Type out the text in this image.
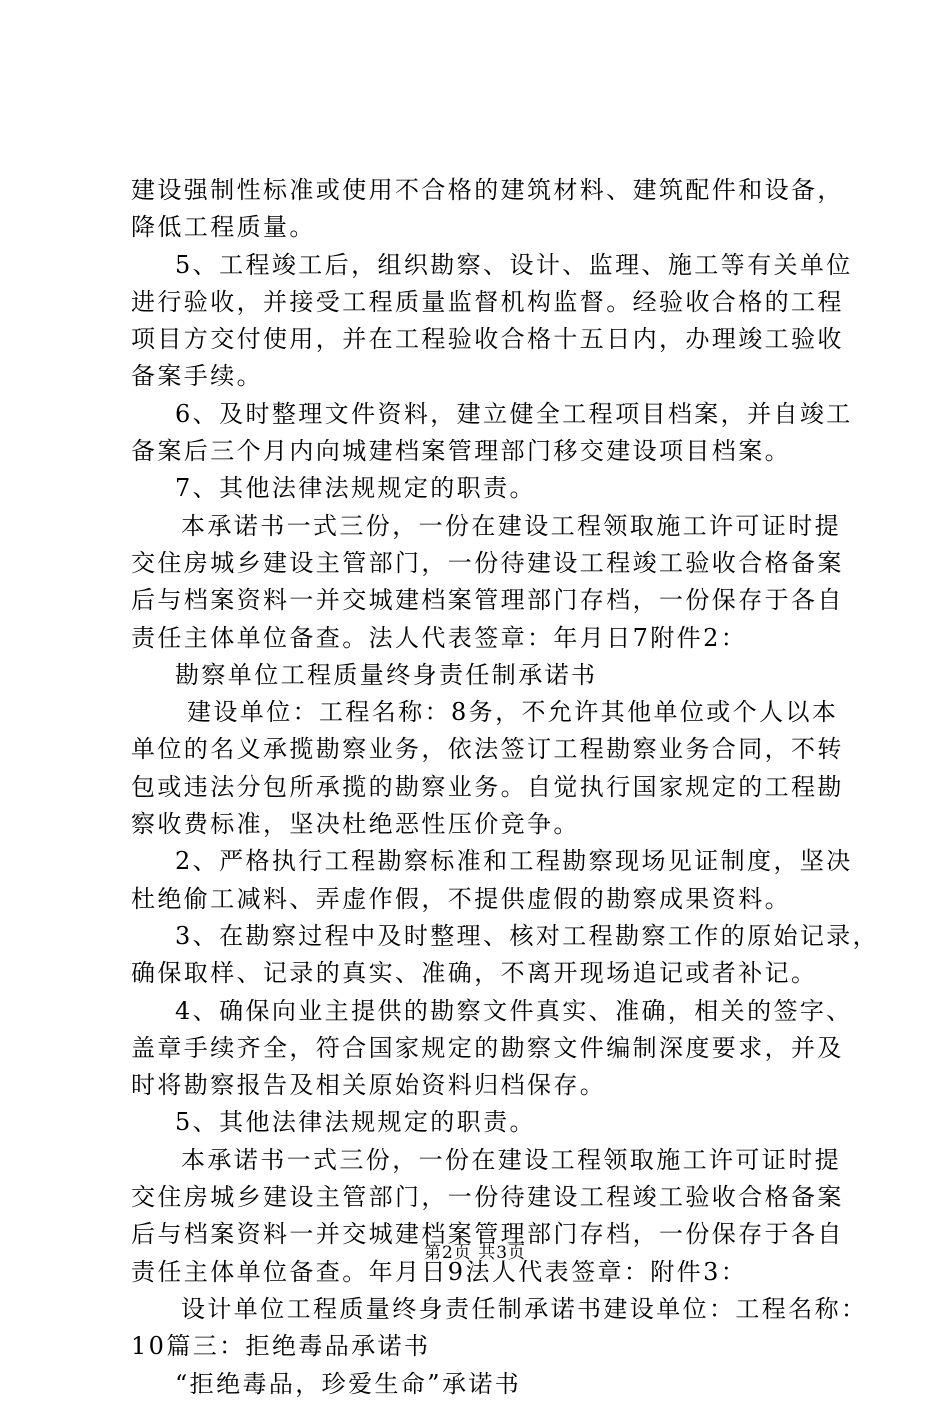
建设强制性标准或使用不合格的建筑材料、建筑配件和设备，
降低工程质量。
5、工程竣工后，组织勘察、设计、监理、施工等有关单位
进行验收，并接受工程质量监督机构监督。经验收合格的工程
项目方交付使用，并在工程验收合格十五日内，办理竣工验收
备案手续。
6、及时整理文件资料，建立健全工程项目档案，并自竣工
备案后三个月内向城建档案管理部门移交建设项目档案。
7、其他法律法规规定的职责。
本承诺书一式三份，一份在建设工程领取施工许可证时提
交住房城乡建设主管部门，一份待建设工程竣工验收合格备案
后与档案资料一并交城建档案管理部门存档，一份保存于各自
责任主体单位备查。法人代表签章：年月日7附件2：
勘察单位工程质量终身责任制承诺书
建设单位：工程名称：8务，不允许其他单位或个人以本
单位的名义承揽勘察业务，依法签订工程勘察业务合同，不转
包或违法分包所承揽的勘察业务。自觉执行国家规定的工程勘
察收费标准，坚决杜绝恶性压价竞争。
2、严格执行工程勘察标准和工程勘察现场见证制度，坚决
杜绝偷工减料、弄虚作假，不提供虚假的勘察成果资料。
3、在勘察过程中及时整理、核对工程勘察工作的原始记录，
确保取样、记录的真实、准确，不离开现场追记或者补记。
4、确保向业主提供的勘察文件真实、准确，相关的签字、
盖章手续齐全，符合国家规定的勘察文件编制深度要求，并及
时将勘察报告及相关原始资料归档保存。
5、其他法律法规规定的职责。
本承诺书一式三份，一份在建设工程领取施工许可证时提
交住房城乡建设主管部门，一份待建设工程竣工验收合格备案
后与档案资料一并交城建档案管理部门存档，一份保存于各自
责任主体单位备查。年月日9法人代表签章：附件3：
设计单位工程质量终身责任制承诺书建设单位：工程名称：
10篇三：拒绝毒品承诺书
“拒绝毒品，珍爱生命”承诺书
第2页 共3页
